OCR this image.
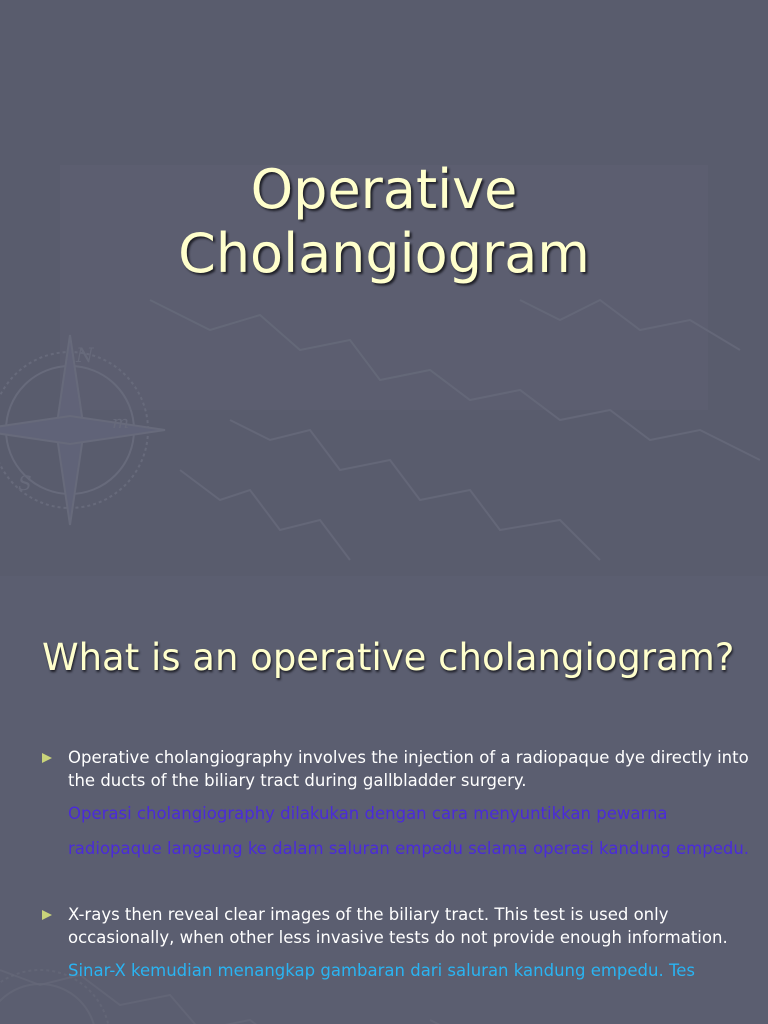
N
S
m
Operative
Cholangiogram
What is an operative cholangiogram?
Operative cholangiography involves the injection of a radiopaque dye directly into the ducts of the biliary tract during gallbladder surgery.
Operasi cholangiography dilakukan dengan cara menyuntikkan pewarna radiopaque langsung ke dalam saluran empedu selama operasi kandung empedu.
X-rays then reveal clear images of the biliary tract. This test is used only occasionally, when other less invasive tests do not provide enough information.
Sinar-X kemudian menangkap gambaran dari saluran kandung empedu. Tes
